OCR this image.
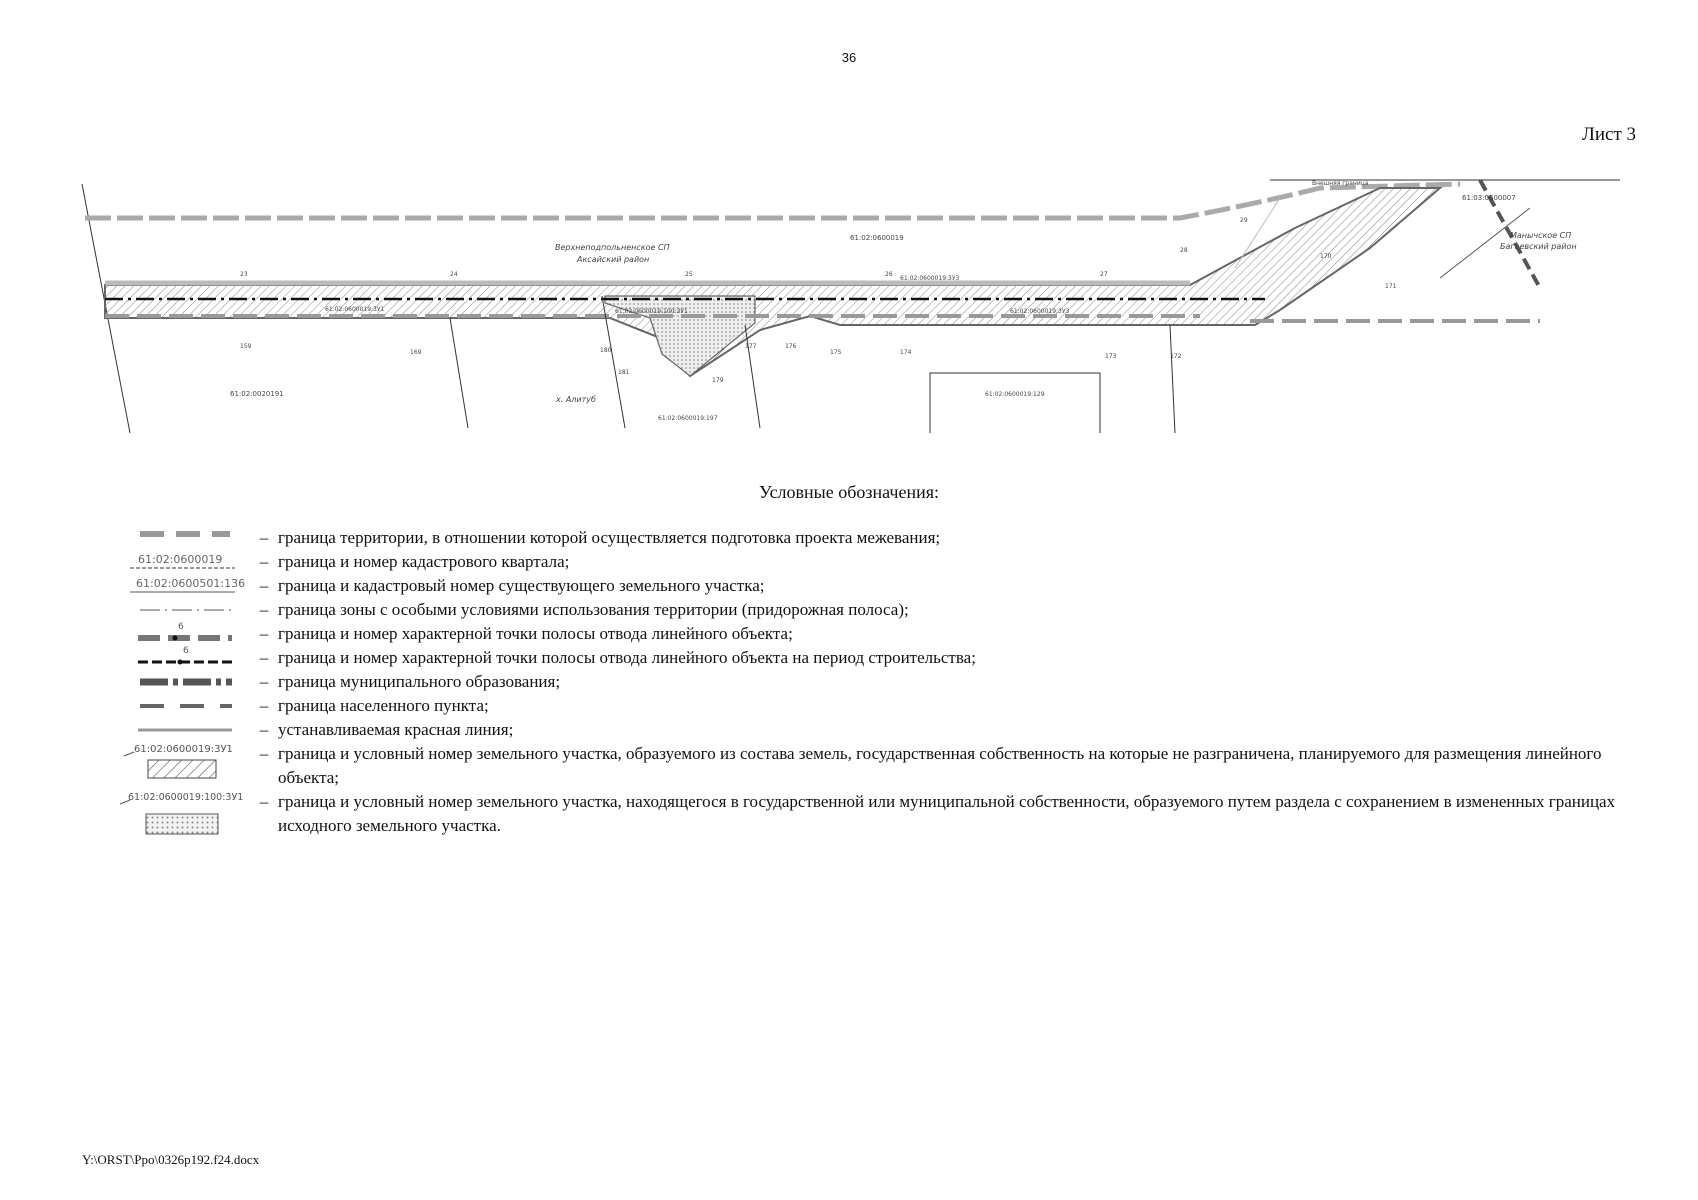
36
Лист 3
Верхнеподпольненское СП
Аксайский район
Манычское СП
Багаевский район
х. Алитуб
61:02:0600019
61:03:0600007
61:02:0020191
61:02:0600019:3У1	61:02:0600019:100:3У1
61:02:0600019:3У3
61:02:0600019:3У3
61:02:0600019:197
61:02:0600019:129
Внешняя граница
23	24	25	26	27
28
29
159
169	180
181
179
177	176
175	174
173	172
170
171
Условные обозначения:
– граница территории, в отношении которой осуществляется подготовка проекта межевания;
61:02:0600019	– граница и номер кадастрового квартала;
61:02:0600501:136 – граница и кадастровый номер существующего земельного участка;
– граница зоны с особыми условиями использования территории (придорожная полоса);
6	– граница и номер характерной точки полосы отвода линейного объекта;
6	– граница и номер характерной точки полосы отвода линейного объекта на период строительства;
– граница муниципального образования;
– граница населенного пункта;
– устанавливаемая красная линия;
61:02:0600019:3У1	– граница и условный номер земельного участка, образуемого из состава земель, государственная собственность на которые не разграничена, планируемого для размещения линейного объекта;
61:02:0600019:100:3У1 – граница и условный номер земельного участка, находящегося в государственной или муниципальной собственности, образуемого путем раздела с сохранением в измененных границах исходного земельного участка.
Y:\ORST\Ppo\0326p192.f24.docx
